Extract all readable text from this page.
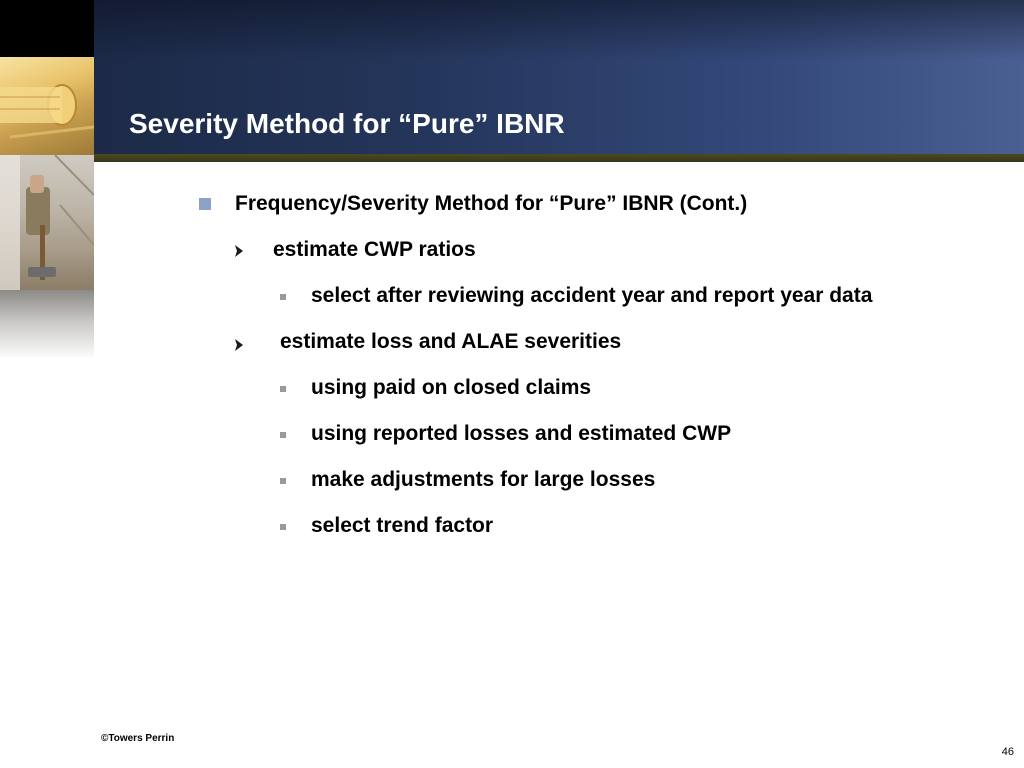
Severity Method for “Pure” IBNR
Frequency/Severity Method for “Pure” IBNR (Cont.)
estimate CWP ratios
select after reviewing accident year and report year data
estimate loss and ALAE severities
using paid on closed claims
using reported losses and estimated CWP
make adjustments for large losses
select trend factor
©Towers Perrin
46
